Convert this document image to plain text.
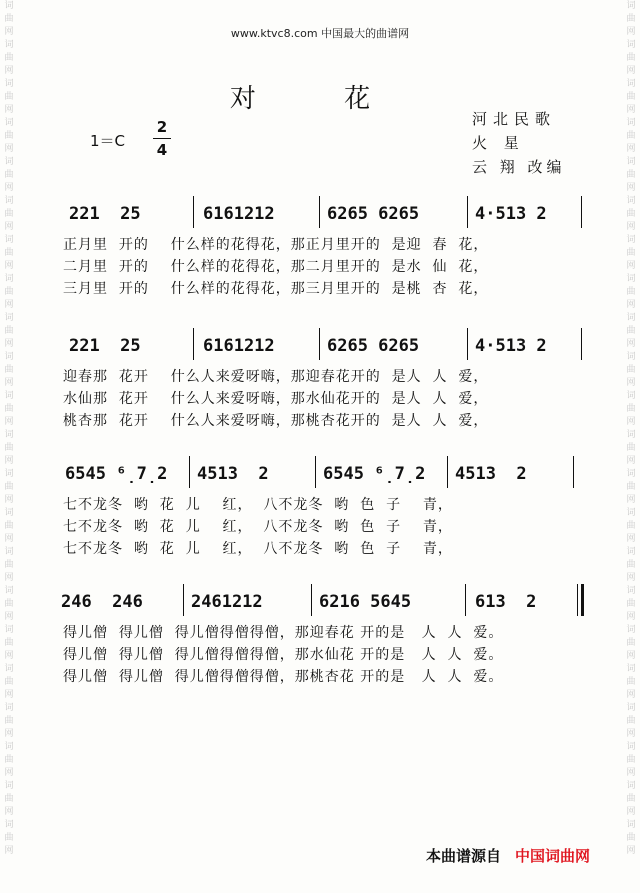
词曲网 词曲网 词曲网 词曲网 词曲网 词曲网 词曲网 词曲网 词曲网 词曲网 词曲网 词曲网 词曲网 词曲网 词曲网 词曲网 词曲网 词曲网 词曲网 词曲网 词曲网 词曲网
词曲网 词曲网 词曲网 词曲网 词曲网 词曲网 词曲网 词曲网 词曲网 词曲网 词曲网 词曲网 词曲网 词曲网 词曲网 词曲网 词曲网 词曲网 词曲网 词曲网 词曲网 词曲网
www.ktvc8.com 中国最大的曲谱网
对 花
$1=C \frac{2}{4}$	河北民歌
火 星
云 翔 改编
221  25	6161212	6265 6265	4·513 2
正月里  开的    什么样的花得花，那正月里开的  是迎  春  花，
二月里  开的    什么样的花得花，那二月里开的  是水  仙  花，
三月里  开的    什么样的花得花，那三月里开的  是桃  杏  花，
221  25	6161212	6265 6265	4·513 2
迎春那  花开    什么人来爱呀嗨，那迎春花开的  是人  人  爱，
水仙那  花开    什么人来爱呀嗨，那水仙花开的  是人  人  爱，
桃杏那  花开    什么人来爱呀嗨，那桃杏花开的  是人  人  爱，
6545 ⁶̣7̣2 4513  2	6545 ⁶̣7̣2 4513  2
七不龙冬  哟  花  儿    红，  八不龙冬  哟  色  子    青，
七不龙冬  哟  花  儿    红，  八不龙冬  哟  色  子    青，
七不龙冬  哟  花  儿    红，  八不龙冬  哟  色  子    青，
246  246	2461212	6216 5645	613  2
得儿僧  得儿僧  得儿僧得僧得僧，那迎春花 开的是   人  人  爱。
得儿僧  得儿僧  得儿僧得僧得僧，那水仙花 开的是   人  人  爱。
得儿僧  得儿僧  得儿僧得僧得僧，那桃杏花 开的是   人  人  爱。
本曲谱源自 中国词曲网
